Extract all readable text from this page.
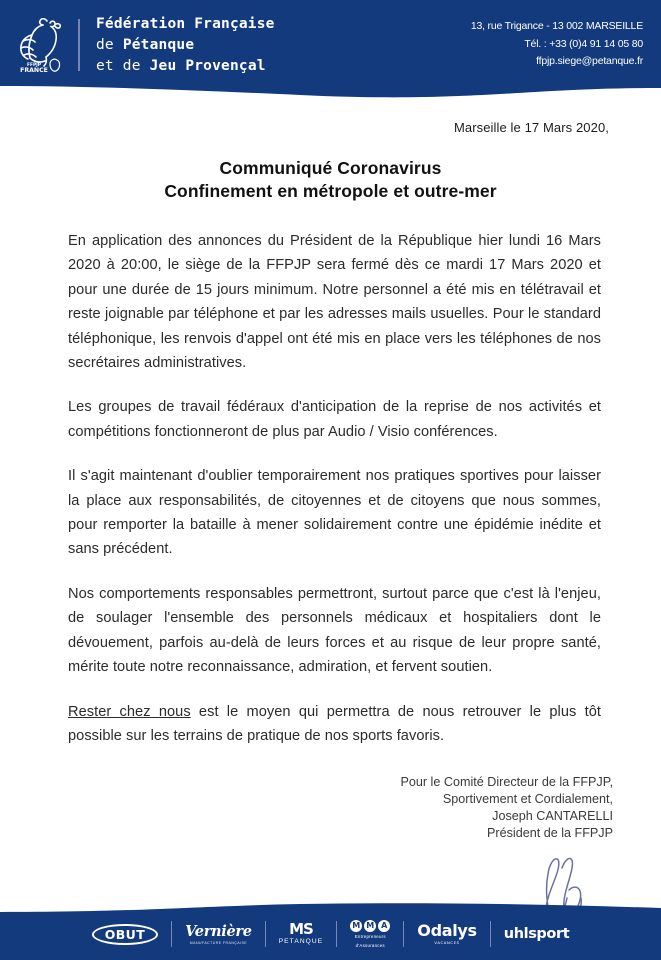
FFPJP
FRANCE
Fédération Française
de Pétanque
et de Jeu Provençal
13, rue Trigance - 13 002 MARSEILLE
Tél. : +33 (0)4 91 14 05 80
ffpjp.siege@petanque.fr
Marseille le 17 Mars 2020,
Communiqué Coronavirus
Confinement en métropole et outre-mer

En application des annonces du Président de la République hier lundi 16 Mars 2020 à 20:00, le siège de la FFPJP sera fermé dès ce mardi 17 Mars 2020 et pour une durée de 15 jours minimum. Notre personnel a été mis en télétravail et reste joignable par téléphone et par les adresses mails usuelles. Pour le standard téléphonique, les renvois d'appel ont été mis en place vers les téléphones de nos secrétaires administratives.

Les groupes de travail fédéraux d'anticipation de la reprise de nos activités et compétitions fonctionneront de plus par Audio / Visio conférences.

Il s'agit maintenant d'oublier temporairement nos pratiques sportives pour laisser la place aux responsabilités, de citoyennes et de citoyens que nous sommes, pour remporter la bataille à mener solidairement contre une épidémie inédite et sans précédent.

Nos comportements responsables permettront, surtout parce que c'est là l'enjeu, de soulager l'ensemble des personnels médicaux et hospitaliers dont le dévouement, parfois au-delà de leurs forces et au risque de leur propre santé, mérite toute notre reconnaissance, admiration, et fervent soutien.

Rester chez nous est le moyen qui permettra de nous retrouver le plus tôt possible sur les terrains de pratique de nos sports favoris.

Pour le Comité Directeur de la FFPJP,
Sportivement et Cordialement,
Joseph CANTARELLI
Président de la FFPJP
OBUT	Vernière
MANUFACTURE FRANÇAISE
MS
PETANQUE
M M A
Entrepreneurs
d'Assurances
Odalys
VACANCES
uhlsport
